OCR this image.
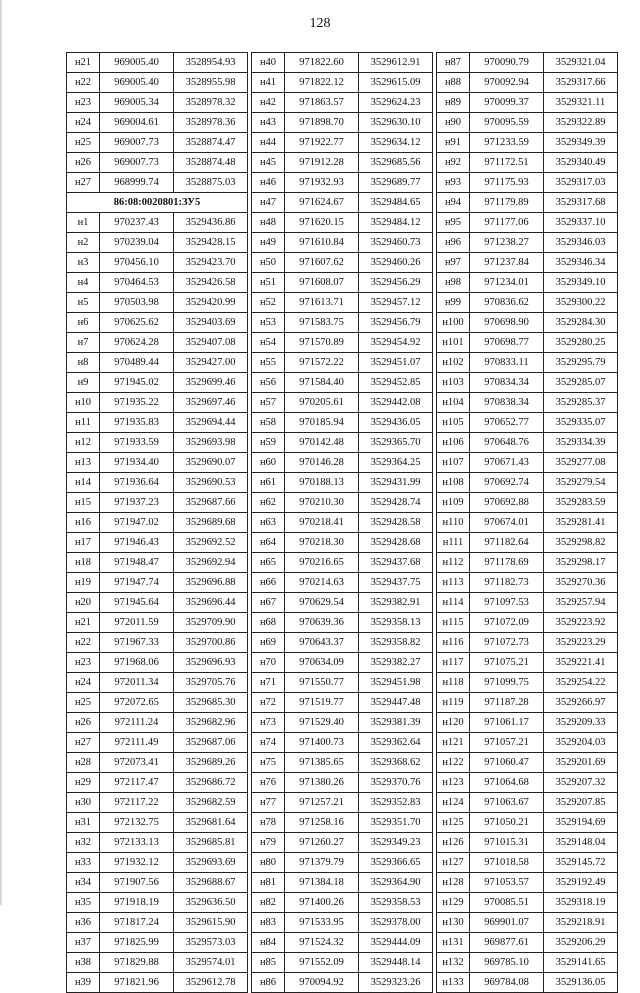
128
н21	969005.40	3528954.93
н22	969005.40	3528955.98
н23	969005.34	3528978.32
н24	969004.61	3528978.36
н25	969007.73	3528874.47
н26	969007.73	3528874.48
н27	968999.74	3528875.03
86:08:0020801:ЗУ5		
н1	970237.43	3529436.86
н2	970239.04	3529428.15
н3	970456.10	3529423.70
н4	970464.53	3529426.58
н5	970503.98	3529420.99
н6	970625.62	3529403.69
н7	970624.28	3529407.08
н8	970489.44	3529427.00
н9	971945.02	3529699.46
н10	971935.22	3529697.46
н11	971935.83	3529694.44
н12	971933.59	3529693.98
н13	971934.40	3529690.07
н14	971936.64	3529690.53
н15	971937.23	3529687.66
н16	971947.02	3529689.68
н17	971946.43	3529692.52
н18	971948.47	3529692.94
н19	971947.74	3529696.88
н20	971945.64	3529696.44
н21	972011.59	3529709.90
н22	971967.33	3529700.86
н23	971968.06	3529696.93
н24	972011.34	3529705.76
н25	972072.65	3529685.30
н26	972111.24	3529682.96
н27	972111.49	3529687.06
н28	972073.41	3529689.26
н29	972117.47	3529686.72
н30	972117.22	3529682.59
н31	972132.75	3529681.64
н32	972133.13	3529685.81
н33	971932.12	3529693.69
н34	971907.56	3529688.67
н35	971918.19	3529636.50
н36	971817.24	3529615.90
н37	971825.99	3529573.03
н38	971829.88	3529574.01
н39	971821.96	3529612.78
н40	971822.60	3529612.91
н41	971822.12	3529615.09
н42	971863.57	3529624.23
н43	971898.70	3529630.10
н44	971922.77	3529634.12
н45	971912.28	3529685.56
н46	971932.93	3529689.77
н47	971624.67	3529484.65
н48	971620.15	3529484.12
н49	971610.84	3529460.73
н50	971607.62	3529460.26
н51	971608.07	3529456.29
н52	971613.71	3529457.12
н53	971583.75	3529456.79
н54	971570.89	3529454.92
н55	971572.22	3529451.07
н56	971584.40	3529452.85
н57	970205.61	3529442.08
н58	970185.94	3529436.05
н59	970142.48	3529365.70
н60	970146.28	3529364.25
н61	970188.13	3529431.99
н62	970210.30	3529428.74
н63	970218.41	3529428.58
н64	970218.30	3529428.68
н65	970216.65	3529437.68
н66	970214.63	3529437.75
н67	970629.54	3529382.91
н68	970639.36	3529358.13
н69	970643.37	3529358.82
н70	970634.09	3529382.27
н71	971550.77	3529451.98
н72	971519.77	3529447.48
н73	971529.40	3529381.39
н74	971400.73	3529362.64
н75	971385.65	3529368.62
н76	971380.26	3529370.76
н77	971257.21	3529352.83
н78	971258.16	3529351.70
н79	971260.27	3529349.23
н80	971379.79	3529366.65
н81	971384.18	3529364.90
н82	971400.26	3529358.53
н83	971533.95	3529378.00
н84	971524.32	3529444.09
н85	971552.09	3529448.14
н86	970094.92	3529323.26
н87	970090.79	3529321.04
н88	970092.94	3529317.66
н89	970099.37	3529321.11
н90	970095.59	3529322.89
н91	971233.59	3529349.39
н92	971172.51	3529340.49
н93	971175.93	3529317.03
н94	971179.89	3529317.68
н95	971177.06	3529337.10
н96	971238.27	3529346.03
н97	971237.84	3529346.34
н98	971234.01	3529349.10
н99	970836.62	3529300.22
н100	970698.90	3529284.30
н101	970698.77	3529280.25
н102	970833.11	3529295.79
н103	970834.34	3529285.07
н104	970838.34	3529285.37
н105	970652.77	3529335.07
н106	970648.76	3529334.39
н107	970671.43	3529277.08
н108	970692.74	3529279.54
н109	970692.88	3529283.59
н110	970674.01	3529281.41
н111	971182.64	3529298.82
н112	971178.69	3529298.17
н113	971182.73	3529270.36
н114	971097.53	3529257.94
н115	971072.09	3529223.92
н116	971072.73	3529223.29
н117	971075.21	3529221.41
н118	971099.75	3529254.22
н119	971187.28	3529266.97
н120	971061.17	3529209.33
н121	971057.21	3529204.03
н122	971060.47	3529201.69
н123	971064.68	3529207.32
н124	971063.67	3529207.85
н125	971050.21	3529194.69
н126	971015.31	3529148.04
н127	971018.58	3529145.72
н128	971053.57	3529192.49
н129	970085.51	3529318.19
н130	969901.07	3529218.91
н131	969877.61	3529206.29
н132	969785.10	3529141.65
н133	969784.08	3529136.05
